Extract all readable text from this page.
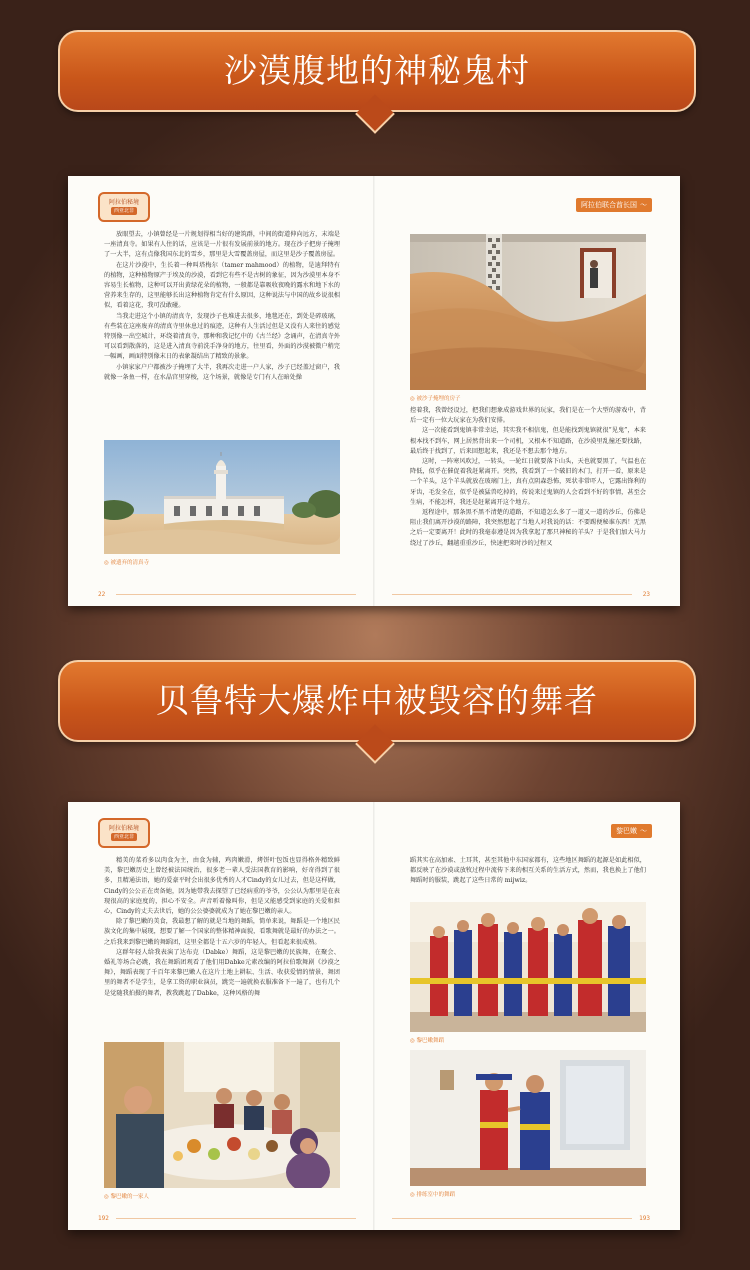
沙漠腹地的神秘鬼村
阿拉伯秘境
西亚北非

放眼望去，小镇曾经是一片规划得相当好的建筑群，中间的街道伸向远方，末端是一座清真寺。如果有人住的话，应该是一片很有发展前景的地方。现在沙子把房子掩埋了一大半，这有点像我国东北的雪乡，那里是大雪覆盖房屋，而这里是沙子覆盖房屋。

在这片沙漠中，生长着一种叫塔梅尔（tamer mahmood）的植物，是迪拜特有的植物，这种植物原产于埃及的沙漠，看到它有些不是古树的象征，因为沙漠里本身不容易生长植物，这种可以开出黄绿花朵的植物，一般都是靠吸收夜晚的露水和地下水的营养来生存的，这里能够长出这种植物肯定有什么原因，这种说法与中国的故乡说很相似，看着这花，我可没敢碰。

当我走进这个小镇的清真寺，发现沙子也堆进去很多，地毯还在，到处是碎玻璃，有些装在这座废弃的清真寺里休息过的痕迹，这种有人生活过但是又没有人来往的感觉特别像一出空城计，环绕着清真寺，那种和我记忆中的《古兰经》念诵声，在清真寺外可以看到散落的，这是进入清真寺前洗手净身的地方，往里看，外面的沙漠被微户稍完一幅画，画面特别像末日的表象凝结出了精致的景象。

小镇家家户户都被沙子掩埋了大半，我再次走进一户人家，沙子已经盖过窗户，我就像一条鱼一样，在水晶宫里穿梭，这个场景，就像是专门有人在暗处操

◎ 被遗弃的清真寺
22
阿拉伯联合酋长国 〜
◎ 被沙子掩埋的房子

控着我，我曾经设过，把我们想象成游戏世界的玩家，我们是在一个大型的游戏中，背后一定有一位大玩家在为我们安排。

这一次能看到鬼镇非常幸运，其实我不相信鬼，但是能找到鬼镇就很“见鬼”，本来根本找不到车，网上居然背出来一个司机，又根本不知道路，在沙漠里乱撞还要找路，最后终于找到了，后来回想起来，我还是不想去那个地方。

这时，一阵寒风吹过，一转头，一轮红日就要落下山头，天也就要黑了，气温也在降低，似乎在催促着我赶紧离开。突然，我看到了一个破旧的木门，打开一看，原来是一个羊头，这个羊头就放在玻璃门上，真有点阴森恐怖，死状非常吓人，它露出锋利的牙齿，毛发全在，似乎是被猛兽吃掉的，传说来过鬼镇的人会看到不好的事情，甚至会生病，不能怎样，我还是赶紧离开这个地方。

返程途中，那条黑不黑不清楚的道路，不知道怎么多了一道又一道的沙丘，仿佛是阻止我们离开沙漠的路障，我突然想起了当地人对我说的话：不要踢便秘谁东西！无黑之后一定要离开！此时的我毫泰遵是因为我拿起了那只神秘的羊头？于是我们加大马力绕过了沙丘，翻越重重沙丘，快速把来时沙的过程又

23
贝鲁特大爆炸中被毁容的舞者
阿拉伯秘境
西亚北非

精美的菜肴多以肉食为主，由食为辅，鸡肉嫩滑，烤饼叶包饭也显得格外精致鲜美，黎巴嫩历史上曾经被法国统治，很多老一辈人受法国教育的影响，好奇得到了很多，且精通法语，她的爱豪平时会出很多优秀的人才Cindy的女儿过去，但是这样做，Cindy的公公正在责备她，因为她带我去探望了已经病重的爷爷，公公认为那里是在表现很高的家庭度的，担心不安全。声音听着像叫你，但是又能感受到家庭的关爱和担心，Cindy的丈夫去世后，她的公公婆婆就成为了她在黎巴嫩的亲人。

除了黎巴嫩的美食，我最想了解的就是当地的舞蹈，简单来说，舞蹈是一个地区民族文化的集中展现，想要了解一个国家的整体精神面貌，看歌舞就是最好的办法之一。之后我来到黎巴嫩的舞蹈团，这里全都是十五六岁的年轻人，但看起来很成熟。

这群年轻人给我表演了达布克（Dabke）舞蹈，这是黎巴嫩的民族舞，在聚会、婚礼等场合必跳，我在舞蹈团观看了他们用Dabke元素改编的阿拉伯歌舞剧《沙漠之舞》，舞蹈表现了千百年来黎巴嫩人在这片土地上耕耘、生活、收获爱情的情景，舞团里的舞者不是学生，是拿工资的职业演员，跳完一遍就换衣服准备下一遍了，也有几个是觉随我拍摄的舞者，教我跳起了Dabke，这种风格的舞

◎ 黎巴嫩的一家人
192
黎巴嫩 〜

蹈其实在高加索、土耳其，甚至其他中东国家都有，这些地区舞蹈的起源是如此相似，都反映了在沙漠或放牧过程中流传下来的相互关系的生活方式，然而，我也换上了他们舞蹈时的服装，跳起了这些日常的 mijwiz。

◎ 黎巴嫩舞蹈
◎ 排练室中的舞蹈
193
